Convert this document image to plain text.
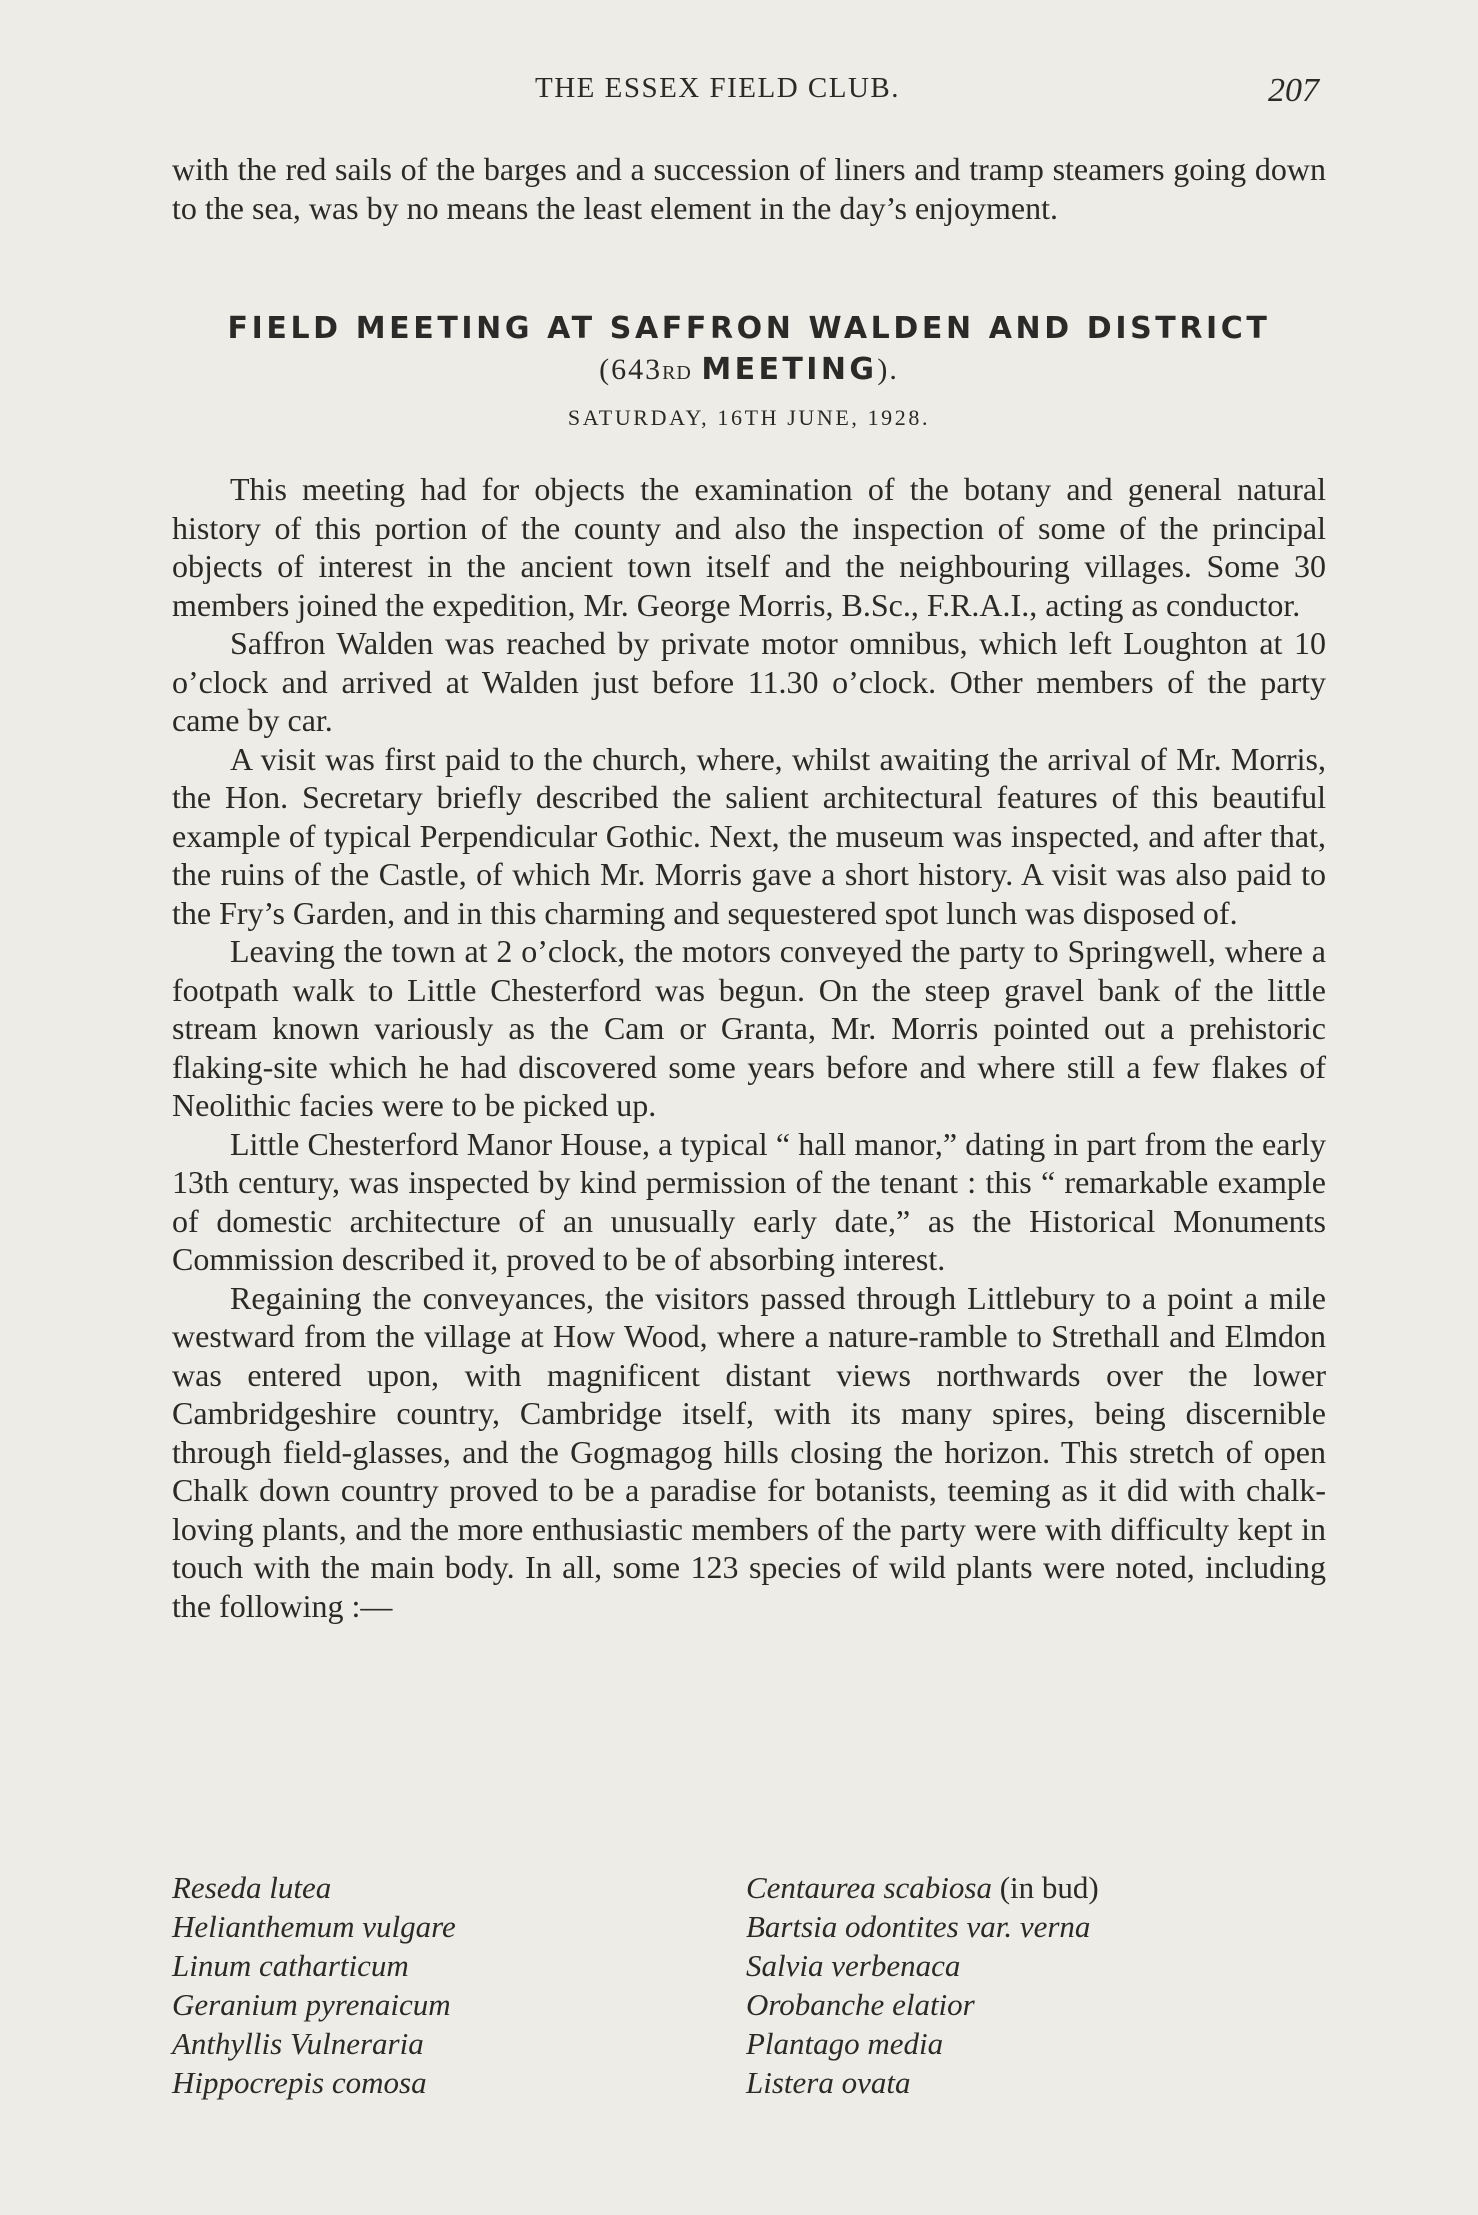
THE ESSEX FIELD CLUB.	207

with the red sails of the barges and a succession of liners and tramp steamers going down to the sea, was by no means the least element in the day’s enjoyment.

FIELD MEETING AT SAFFRON WALDEN AND DISTRICT
(643RD MEETING).
SATURDAY, 16TH JUNE, 1928.

This meeting had for objects the examination of the botany and general natural history of this portion of the county and also the inspection of some of the principal objects of interest in the ancient town itself and the neighbouring villages. Some 30 members joined the expedition, Mr. George Morris, B.Sc., F.R.A.I., acting as conductor.

Saffron Walden was reached by private motor omnibus, which left Loughton at 10 o’clock and arrived at Walden just before 11.30 o’clock. Other members of the party came by car.

A visit was first paid to the church, where, whilst awaiting the arrival of Mr. Morris, the Hon. Secretary briefly described the salient architectural features of this beautiful example of typical Perpendicular Gothic. Next, the museum was inspected, and after that, the ruins of the Castle, of which Mr. Morris gave a short history. A visit was also paid to the Fry’s Garden, and in this charming and sequestered spot lunch was disposed of.

Leaving the town at 2 o’clock, the motors conveyed the party to Springwell, where a footpath walk to Little Chesterford was begun. On the steep gravel bank of the little stream known variously as the Cam or Granta, Mr. Morris pointed out a prehistoric flaking-site which he had discovered some years before and where still a few flakes of Neolithic facies were to be picked up.

Little Chesterford Manor House, a typical “ hall manor,” dating in part from the early 13th century, was inspected by kind permission of the tenant : this “ remarkable example of domestic architecture of an unusually early date,” as the Historical Monuments Commission described it, proved to be of absorbing interest.

Regaining the conveyances, the visitors passed through Littlebury to a point a mile westward from the village at How Wood, where a nature-ramble to Strethall and Elmdon was entered upon, with magnificent distant views northwards over the lower Cambridgeshire country, Cambridge itself, with its many spires, being discernible through field-glasses, and the Gogmagog hills closing the horizon. This stretch of open Chalk down country proved to be a paradise for botanists, teeming as it did with chalk-loving plants, and the more enthusiastic members of the party were with difficulty kept in touch with the main body. In all, some 123 species of wild plants were noted, including the following :—

Reseda lutea
Helianthemum vulgare
Linum catharticum
Geranium pyrenaicum
Anthyllis Vulneraria
Hippocrepis comosa
Centaurea scabiosa (in bud)
Bartsia odontites var. verna
Salvia verbenaca
Orobanche elatior
Plantago media
Listera ovata
